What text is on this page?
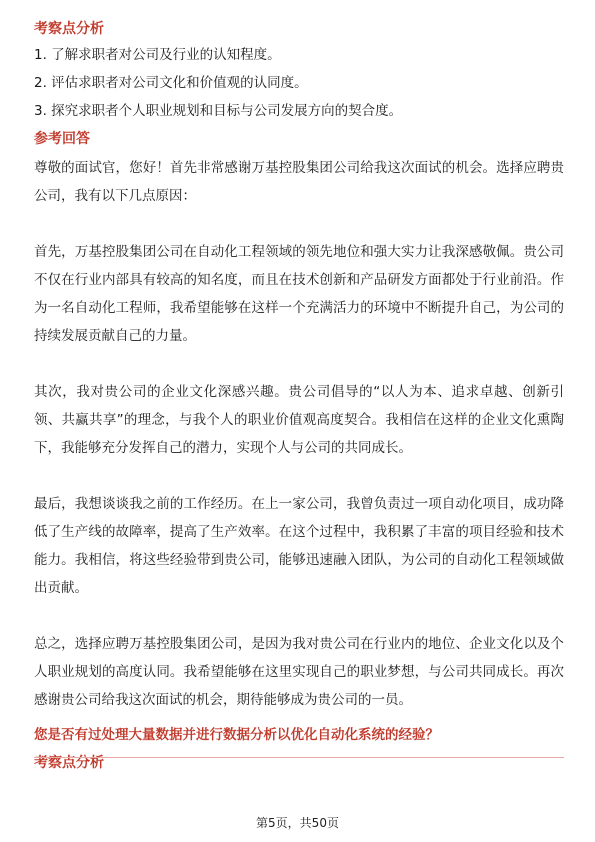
考察点分析
1. 了解求职者对公司及行业的认知程度。
2. 评估求职者对公司文化和价值观的认同度。
3. 探究求职者个人职业规划和目标与公司发展方向的契合度。
参考回答

尊敬的面试官，您好！首先非常感谢万基控股集团公司给我这次面试的机会。选择应聘贵公司，我有以下几点原因：

首先，万基控股集团公司在自动化工程领域的领先地位和强大实力让我深感敬佩。贵公司不仅在行业内部具有较高的知名度，而且在技术创新和产品研发方面都处于行业前沿。作为一名自动化工程师，我希望能够在这样一个充满活力的环境中不断提升自己，为公司的持续发展贡献自己的力量。

其次，我对贵公司的企业文化深感兴趣。贵公司倡导的“以人为本、追求卓越、创新引领、共赢共享”的理念，与我个人的职业价值观高度契合。我相信在这样的企业文化熏陶下，我能够充分发挥自己的潜力，实现个人与公司的共同成长。

最后，我想谈谈我之前的工作经历。在上一家公司，我曾负责过一项自动化项目，成功降低了生产线的故障率，提高了生产效率。在这个过程中，我积累了丰富的项目经验和技术能力。我相信，将这些经验带到贵公司，能够迅速融入团队，为公司的自动化工程领域做出贡献。

总之，选择应聘万基控股集团公司，是因为我对贵公司在行业内的地位、企业文化以及个人职业规划的高度认同。我希望能够在这里实现自己的职业梦想，与公司共同成长。再次感谢贵公司给我这次面试的机会，期待能够成为贵公司的一员。

您是否有过处理大量数据并进行数据分析以优化自动化系统的经验？
考察点分析
第5页，共50页
